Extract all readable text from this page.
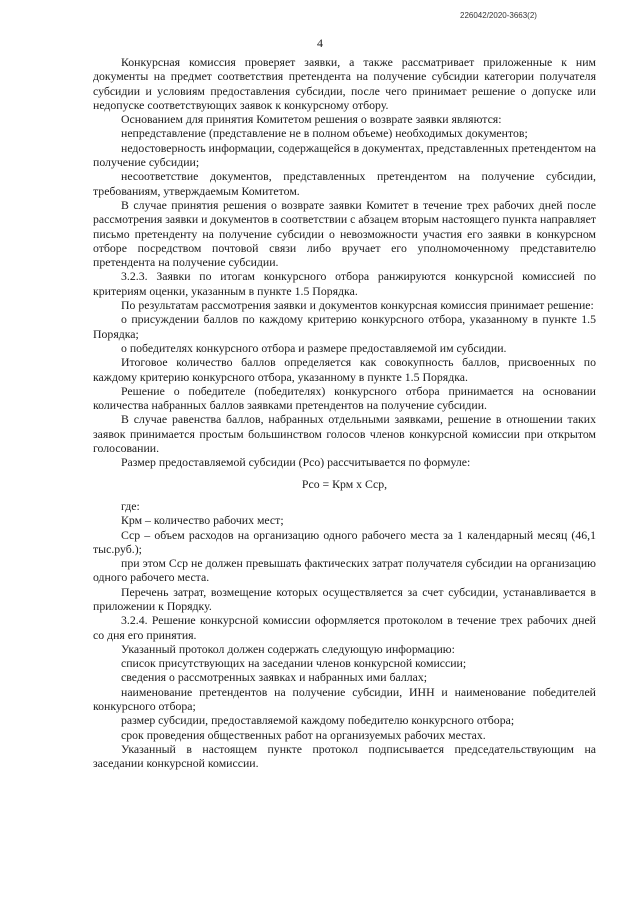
226042/2020-3663(2)
4

Конкурсная комиссия проверяет заявки, а также рассматривает приложенные к ним документы на предмет соответствия претендента на получение субсидии категории получателя субсидии и условиям предоставления субсидии, после чего принимает решение о допуске или недопуске соответствующих заявок к конкурсному отбору.

Основанием для принятия Комитетом решения о возврате заявки являются:

непредставление (представление не в полном объеме) необходимых документов;

недостоверность информации, содержащейся в документах, представленных претендентом на получение субсидии;

несоответствие документов, представленных претендентом на получение субсидии, требованиям, утверждаемым Комитетом.

В случае принятия решения о возврате заявки Комитет в течение трех рабочих дней после рассмотрения заявки и документов в соответствии с абзацем вторым настоящего пункта направляет письмо претенденту на получение субсидии о невозможности участия его заявки в конкурсном отборе посредством почтовой связи либо вручает его уполномоченному представителю претендента на получение субсидии.

3.2.3. Заявки по итогам конкурсного отбора ранжируются конкурсной комиссией по критериям оценки, указанным в пункте 1.5 Порядка.

По результатам рассмотрения заявки и документов конкурсная комиссия принимает решение:

о присуждении баллов по каждому критерию конкурсного отбора, указанному в пункте 1.5 Порядка;

о победителях конкурсного отбора и размере предоставляемой им субсидии.

Итоговое количество баллов определяется как совокупность баллов, присвоенных по каждому критерию конкурсного отбора, указанному в пункте 1.5 Порядка.

Решение о победителе (победителях) конкурсного отбора принимается на основании количества набранных баллов заявками претендентов на получение субсидии.

В случае равенства баллов, набранных отдельными заявками, решение в отношении таких заявок принимается простым большинством голосов членов конкурсной комиссии при открытом голосовании.

Размер предоставляемой субсидии (Рсо) рассчитывается по формуле:

Рсо = Крм х Сср,

где:

Крм – количество рабочих мест;

Сср – объем расходов на организацию одного рабочего места за 1 календарный месяц (46,1 тыс.руб.);

при этом Сср не должен превышать фактических затрат получателя субсидии на организацию одного рабочего места.

Перечень затрат, возмещение которых осуществляется за счет субсидии, устанавливается в приложении к Порядку.

3.2.4. Решение конкурсной комиссии оформляется протоколом в течение трех рабочих дней со дня его принятия.

Указанный протокол должен содержать следующую информацию:

список присутствующих на заседании членов конкурсной комиссии;

сведения о рассмотренных заявках и набранных ими баллах;

наименование претендентов на получение субсидии, ИНН и наименование победителей конкурсного отбора;

размер субсидии, предоставляемой каждому победителю конкурсного отбора;

срок проведения общественных работ на организуемых рабочих местах.

Указанный в настоящем пункте протокол подписывается председательствующим на заседании конкурсной комиссии.
